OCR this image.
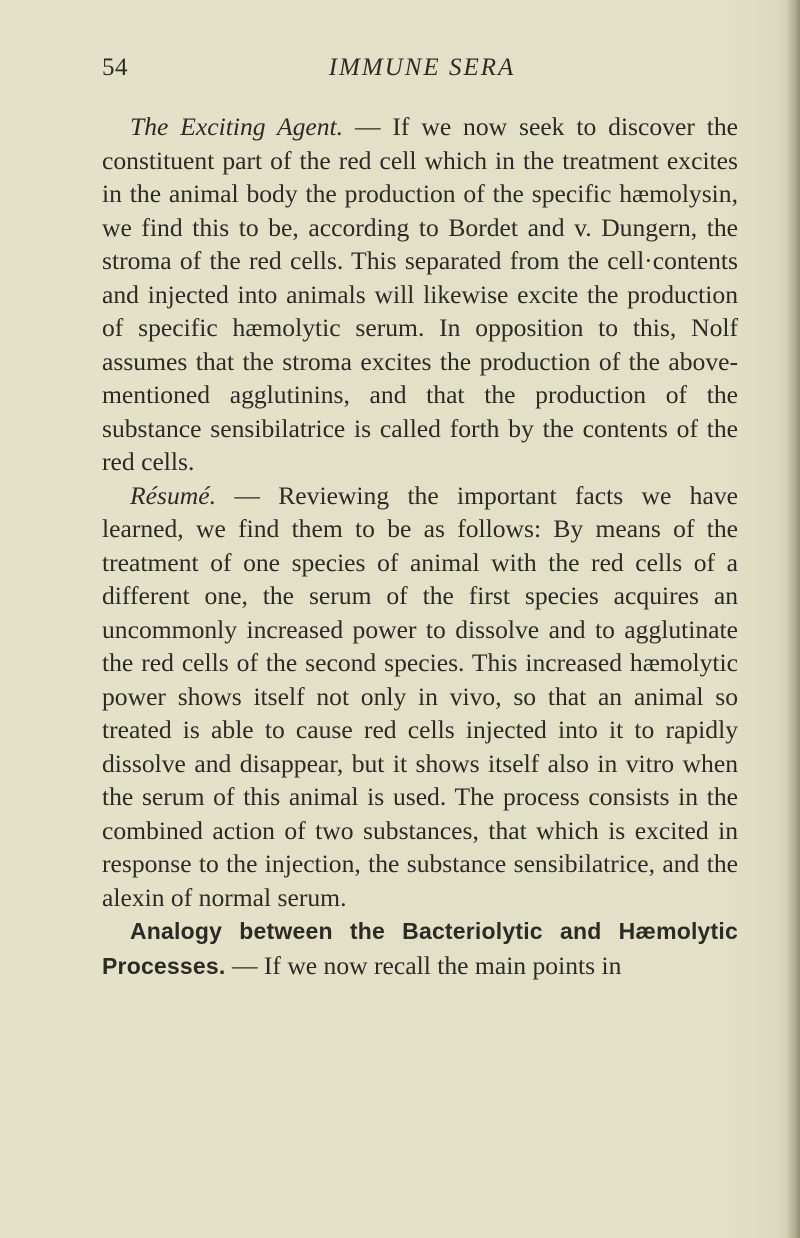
54	IMMUNE SERA

The Exciting Agent. — If we now seek to discover the constituent part of the red cell which in the treatment excites in the animal body the production of the specific hæmolysin, we find this to be, according to Bordet and v. Dungern, the stroma of the red cells. This separated from the cell·contents and injected into animals will likewise excite the production of specific hæmolytic serum. In opposition to this, Nolf assumes that the stroma excites the production of the above-mentioned agglutinins, and that the production of the substance sensibilatrice is called forth by the contents of the red cells.

Résumé. — Reviewing the important facts we have learned, we find them to be as follows: By means of the treatment of one species of animal with the red cells of a different one, the serum of the first species acquires an uncommonly increased power to dissolve and to agglutinate the red cells of the second species. This increased hæmolytic power shows itself not only in vivo, so that an animal so treated is able to cause red cells injected into it to rapidly dissolve and disappear, but it shows itself also in vitro when the serum of this animal is used. The process consists in the combined action of two substances, that which is excited in response to the injection, the substance sensibilatrice, and the alexin of normal serum.

Analogy between the Bacteriolytic and Hæmolytic Processes. — If we now recall the main points in
